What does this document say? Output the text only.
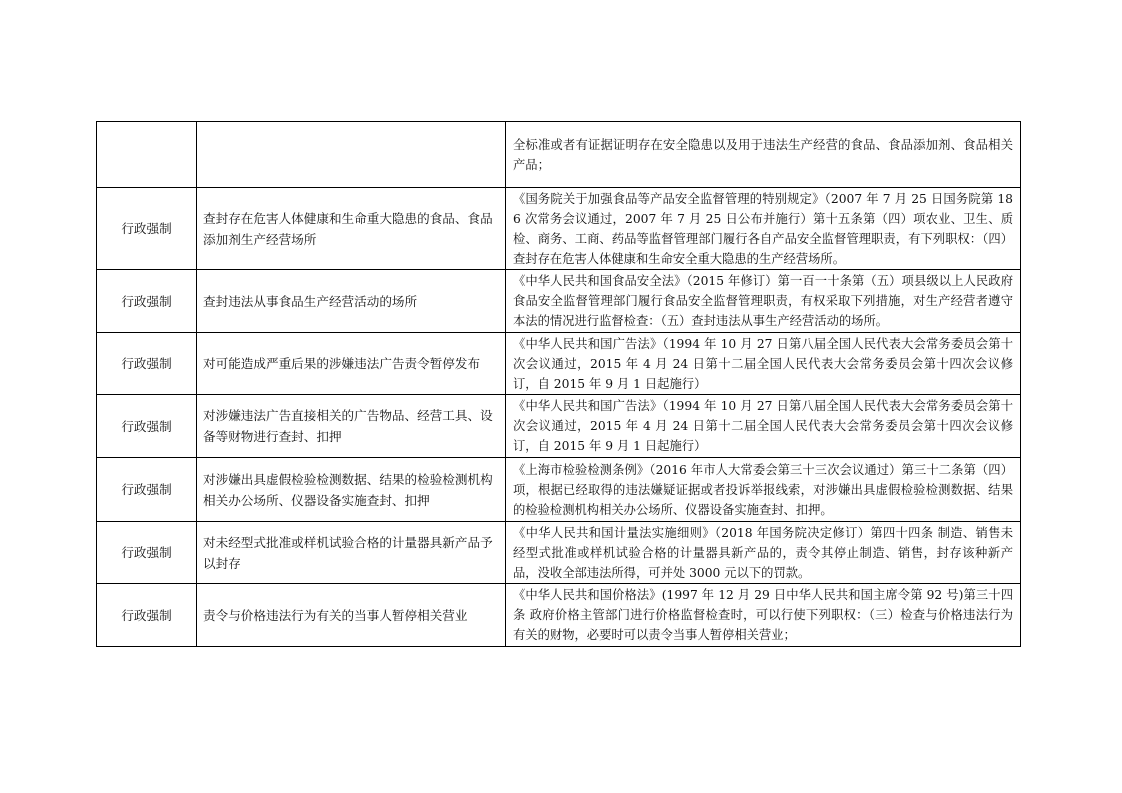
		全标准或者有证据证明存在安全隐患以及用于违法生产经营的食品、食品添加剂、食品相关产品；
行政强制	查封存在危害人体健康和生命重大隐患的食品、食品添加剂生产经营场所	《国务院关于加强食品等产品安全监督管理的特别规定》（2007 年 7 月 25 日国务院第 186 次常务会议通过，2007 年 7 月 25 日公布并施行）第十五条第（四）项农业、卫生、质检、商务、工商、药品等监督管理部门履行各自产品安全监督管理职责，有下列职权：（四）查封存在危害人体健康和生命安全重大隐患的生产经营场所。
行政强制	查封违法从事食品生产经营活动的场所	《中华人民共和国食品安全法》（2015 年修订）第一百一十条第（五）项县级以上人民政府食品安全监督管理部门履行食品安全监督管理职责，有权采取下列措施，对生产经营者遵守本法的情况进行监督检查：（五）查封违法从事生产经营活动的场所。
行政强制	对可能造成严重后果的涉嫌违法广告责令暂停发布	《中华人民共和国广告法》（1994 年 10 月 27 日第八届全国人民代表大会常务委员会第十次会议通过，2015 年 4 月 24 日第十二届全国人民代表大会常务委员会第十四次会议修订，自 2015 年 9 月 1 日起施行）
行政强制	对涉嫌违法广告直接相关的广告物品、经营工具、设备等财物进行查封、扣押	《中华人民共和国广告法》（1994 年 10 月 27 日第八届全国人民代表大会常务委员会第十次会议通过，2015 年 4 月 24 日第十二届全国人民代表大会常务委员会第十四次会议修订，自 2015 年 9 月 1 日起施行）
行政强制	对涉嫌出具虚假检验检测数据、结果的检验检测机构相关办公场所、仪器设备实施查封、扣押	《上海市检验检测条例》（2016 年市人大常委会第三十三次会议通过）第三十二条第（四）项，根据已经取得的违法嫌疑证据或者投诉举报线索，对涉嫌出具虚假检验检测数据、结果的检验检测机构相关办公场所、仪器设备实施查封、扣押。
行政强制	对未经型式批准或样机试验合格的计量器具新产品予以封存	《中华人民共和国计量法实施细则》（2018 年国务院决定修订）第四十四条 制造、销售未经型式批准或样机试验合格的计量器具新产品的，责令其停止制造、销售，封存该种新产品，没收全部违法所得，可并处 3000 元以下的罚款。
行政强制	责令与价格违法行为有关的当事人暂停相关营业	《中华人民共和国价格法》(1997 年 12 月 29 日中华人民共和国主席令第 92 号)第三十四条 政府价格主管部门进行价格监督检查时，可以行使下列职权：（三）检查与价格违法行为有关的财物，必要时可以责令当事人暂停相关营业；
